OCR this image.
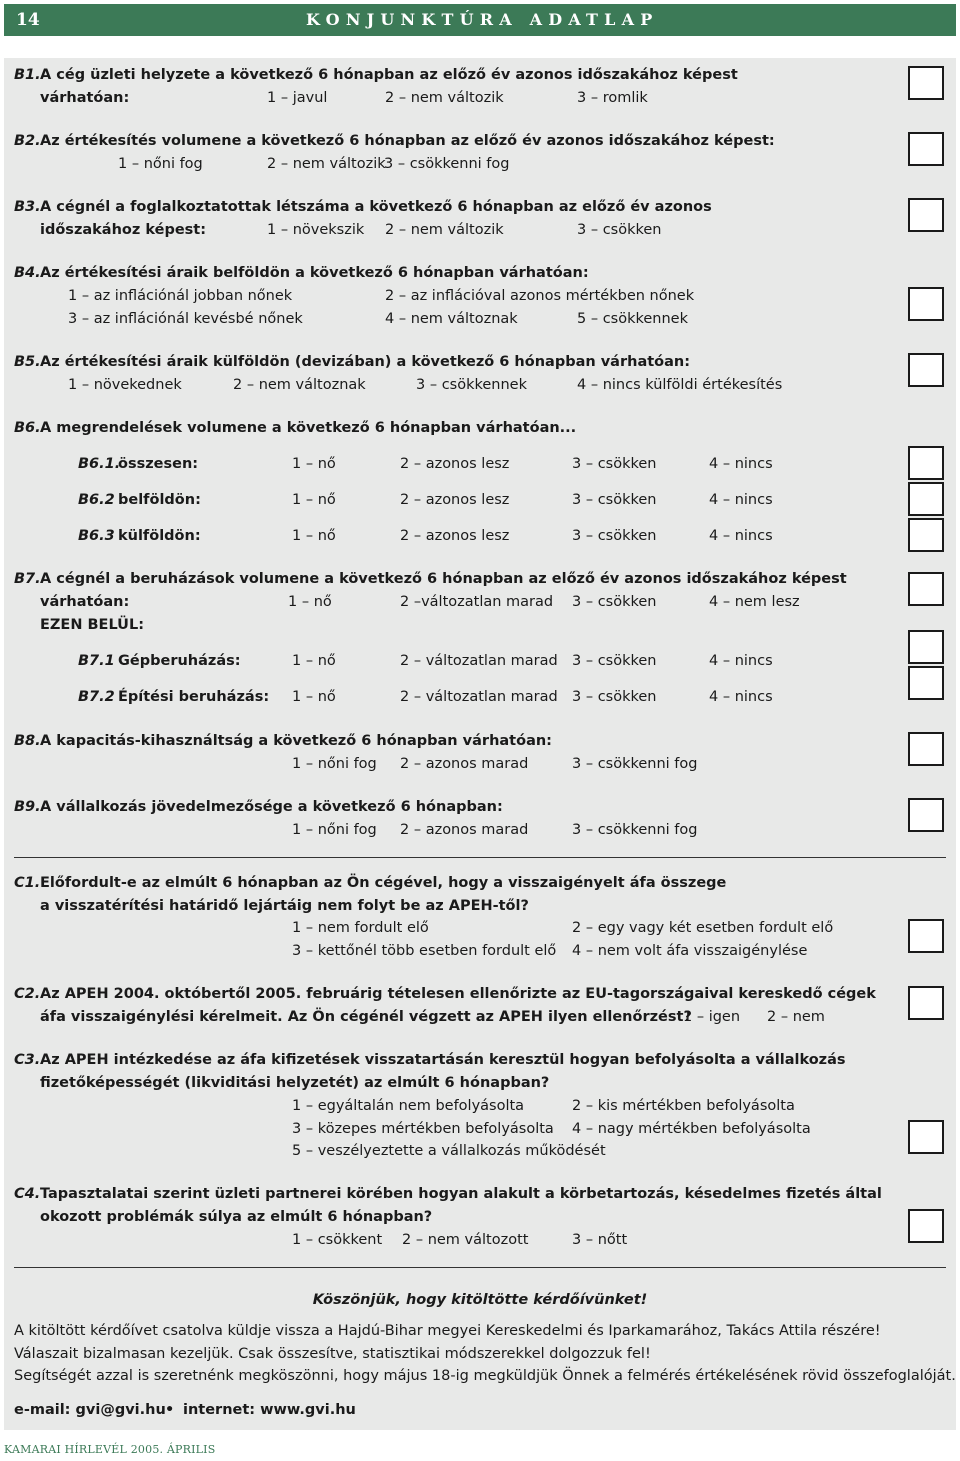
14	KONJUNKTÚRA ADATLAP
B1. A cég üzleti helyzete a következő 6 hónapban az előző év azonos időszakához képest
várhatóan:	1 – javul	2 – nem változik	3 – romlik
B2. Az értékesítés volumene a következő 6 hónapban az előző év azonos időszakához képest:
1 – nőni fog	2 – nem változik
3 – csökkenni fog
B3. A cégnél a foglalkoztatottak létszáma a következő 6 hónapban az előző év azonos
időszakához képest:	1 – növekszik 2 – nem változik	3 – csökken
B4. Az értékesítési áraik belföldön a következő 6 hónapban várhatóan:
1 – az inflációnál jobban nőnek	2 – az inflációval azonos mértékben nőnek
3 – az inflációnál kevésbé nőnek	4 – nem változnak	5 – csökkennek
B5. Az értékesítési áraik külföldön (devizában) a következő 6 hónapban várhatóan:
1 – növekednek	2 – nem változnak	3 – csökkennek	4 – nincs külföldi értékesítés
B6. A megrendelések volumene a következő 6 hónapban várhatóan...
B6.1.
összesen:	1 – nő	2 – azonos lesz	3 – csökken	4 – nincs
B6.2 belföldön:	1 – nő	2 – azonos lesz	3 – csökken	4 – nincs
B6.3 külföldön:	1 – nő	2 – azonos lesz	3 – csökken	4 – nincs
B7. A cégnél a beruházások volumene a következő 6 hónapban az előző év azonos időszakához képest
várhatóan:	1 – nő	2 –változatlan marad 3 – csökken	4 – nem lesz
EZEN BELÜL:
B7.1 Gépberuházás:	1 – nő	2 – változatlan marad 3 – csökken	4 – nincs
B7.2 Építési beruházás: 1 – nő	2 – változatlan marad 3 – csökken	4 – nincs
B8. A kapacitás-kihasználtság a következő 6 hónapban várhatóan:
1 – nőni fog 2 – azonos marad	3 – csökkenni fog
B9. A vállalkozás jövedelmezősége a következő 6 hónapban:
1 – nőni fog 2 – azonos marad	3 – csökkenni fog
C1. Előfordult-e az elmúlt 6 hónapban az Ön cégével, hogy a visszaigényelt áfa összege
a visszatérítési határidő lejártáig nem folyt be az APEH-től?
1 – nem fordult elő	2 – egy vagy két esetben fordult elő
3 – kettőnél több esetben fordult elő 4 – nem volt áfa visszaigénylése
C2. Az APEH 2004. októbertől 2005. februárig tételesen ellenőrizte az EU-tagországaival kereskedő cégek
áfa visszaigénylési kérelmeit. Az Ön cégénél végzett az APEH ilyen ellenőrzést?
1 – igen 2 – nem
C3. Az APEH intézkedése az áfa kifizetések visszatartásán keresztül hogyan befolyásolta a vállalkozás
fizetőképességét (likviditási helyzetét) az elmúlt 6 hónapban?
1 – egyáltalán nem befolyásolta	2 – kis mértékben befolyásolta
3 – közepes mértékben befolyásolta 4 – nagy mértékben befolyásolta
5 – veszélyeztette a vállalkozás működését
C4. Tapasztalatai szerint üzleti partnerei körében hogyan alakult a körbetartozás, késedelmes fizetés által
okozott problémák súlya az elmúlt 6 hónapban?
1 – csökkent 2 – nem változott	3 – nőtt
Köszönjük, hogy kitöltötte kérdőívünket!
A kitöltött kérdőívet csatolva küldje vissza a Hajdú-Bihar megyei Kereskedelmi és Iparkamarához, Takács Attila részére!
Válaszait bizalmasan kezeljük. Csak összesítve, statisztikai módszerekkel dolgozzuk fel!
Segítségét azzal is szeretnénk megköszönni, hogy május 18-ig megküldjük Önnek a felmérés értékelésének rövid összefoglalóját.
e-mail: gvi@gvi.hu • internet: www.gvi.hu
KAMARAI HÍRLEVÉL 2005. ÁPRILIS
